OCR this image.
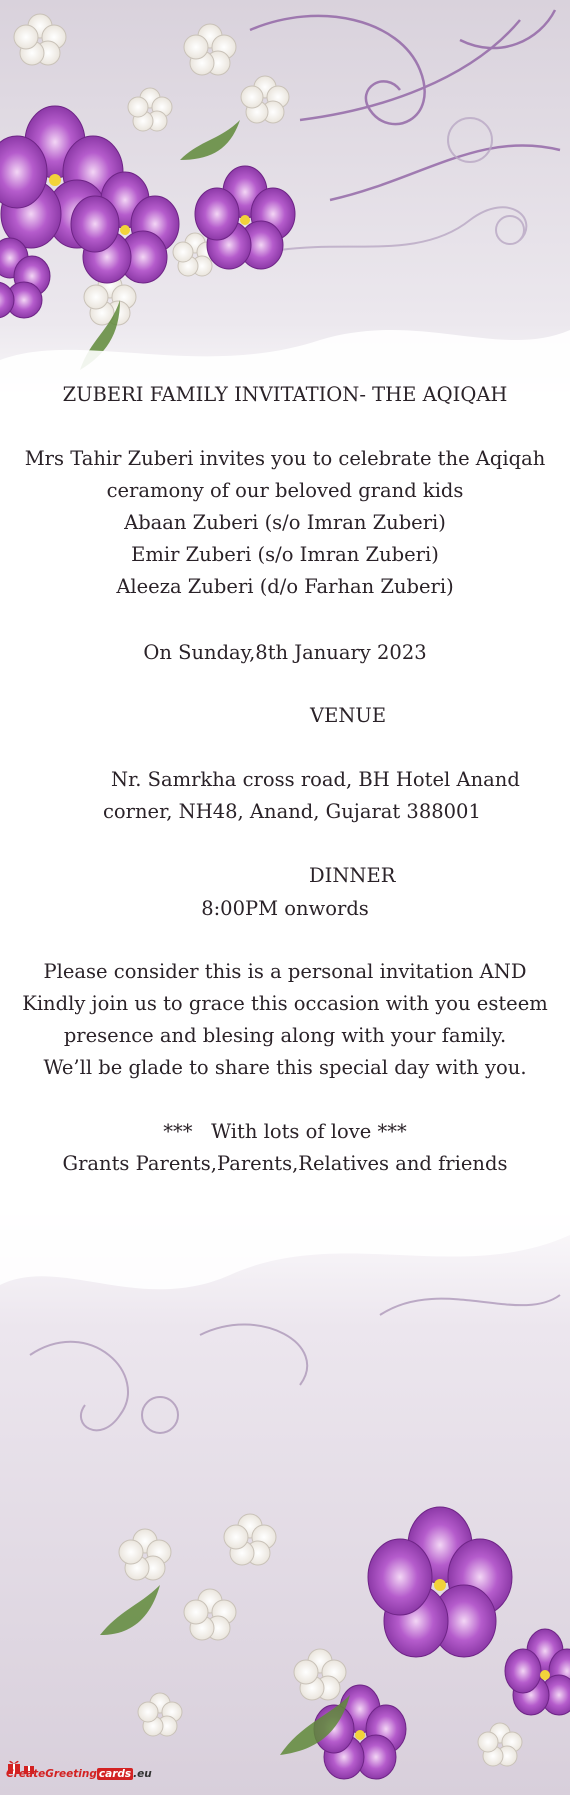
ZUBERI FAMILY INVITATION- THE AQIQAH
Mrs Tahir Zuberi invites you to celebrate the Aqiqah
ceramony of our beloved grand kids
Abaan Zuberi (s/o Imran Zuberi)
Emir Zuberi (s/o Imran Zuberi)
Aleeza Zuberi (d/o Farhan Zuberi)
On Sunday,8th January 2023
VENUE
Nr. Samrkha cross road, BH Hotel Anand
corner, NH48, Anand, Gujarat 388001
DINNER
8:00PM onwords
Please consider this is a personal invitation AND
Kindly join us to grace this occasion with you esteem
presence and blesing along with your family.
We’ll be glade to share this special day with you.
***   With lots of love ***
Grants Parents,Parents,Relatives and friends
CreateGreeting cards .eu
